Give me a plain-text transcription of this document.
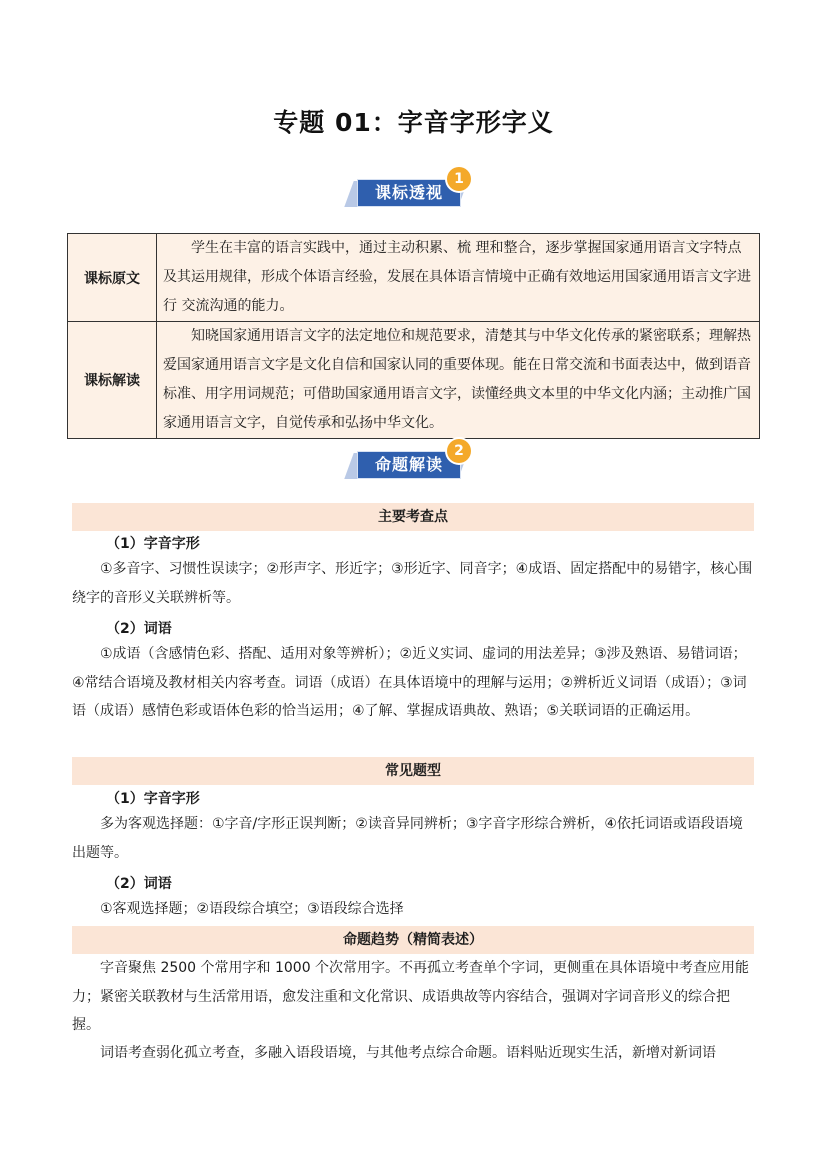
专题 01：字音字形字义
课标透视
1
课标原文	学生在丰富的语言实践中，通过主动积累、梳 理和整合，逐步掌握国家通用语言文字特点及其运用规律，形成个体语言经验，发展在具体语言情境中正确有效地运用国家通用语言文字进行 交流沟通的能力。
课标解读	知晓国家通用语言文字的法定地位和规范要求，清楚其与中华文化传承的紧密联系；理解热爱国家通用语言文字是文化自信和国家认同的重要体现。能在日常交流和书面表达中，做到语音标准、用字用词规范；可借助国家通用语言文字，读懂经典文本里的中华文化内涵；主动推广国家通用语言文字，自觉传承和弘扬中华文化。
命题解读
2
主要考查点
（1）字音字形

①多音字、习惯性误读字；②形声字、形近字；③形近字、同音字；④成语、固定搭配中的易错字，核心围绕字的音形义关联辨析等。

（2）词语

①成语（含感情色彩、搭配、适用对象等辨析）；②近义实词、虚词的用法差异；③涉及熟语、易错词语；④常结合语境及教材相关内容考查。词语（成语）在具体语境中的理解与运用；②辨析近义词语（成语）；③词语（成语）感情色彩或语体色彩的恰当运用；④了解、掌握成语典故、熟语；⑤关联词语的正确运用。

常见题型
（1）字音字形

多为客观选择题：①字音/字形正误判断；②读音异同辨析；③字音字形综合辨析，④依托词语或语段语境出题等。

（2）词语

①客观选择题；②语段综合填空；③语段综合选择

命题趋势（精简表述）

字音聚焦 2500 个常用字和 1000 个次常用字。不再孤立考查单个字词，更侧重在具体语境中考查应用能力；紧密关联教材与生活常用语，愈发注重和文化常识、成语典故等内容结合，强调对字词音形义的综合把握。

词语考查弱化孤立考查，多融入语段语境，与其他考点综合命题。语料贴近现实生活，新增对新词语
